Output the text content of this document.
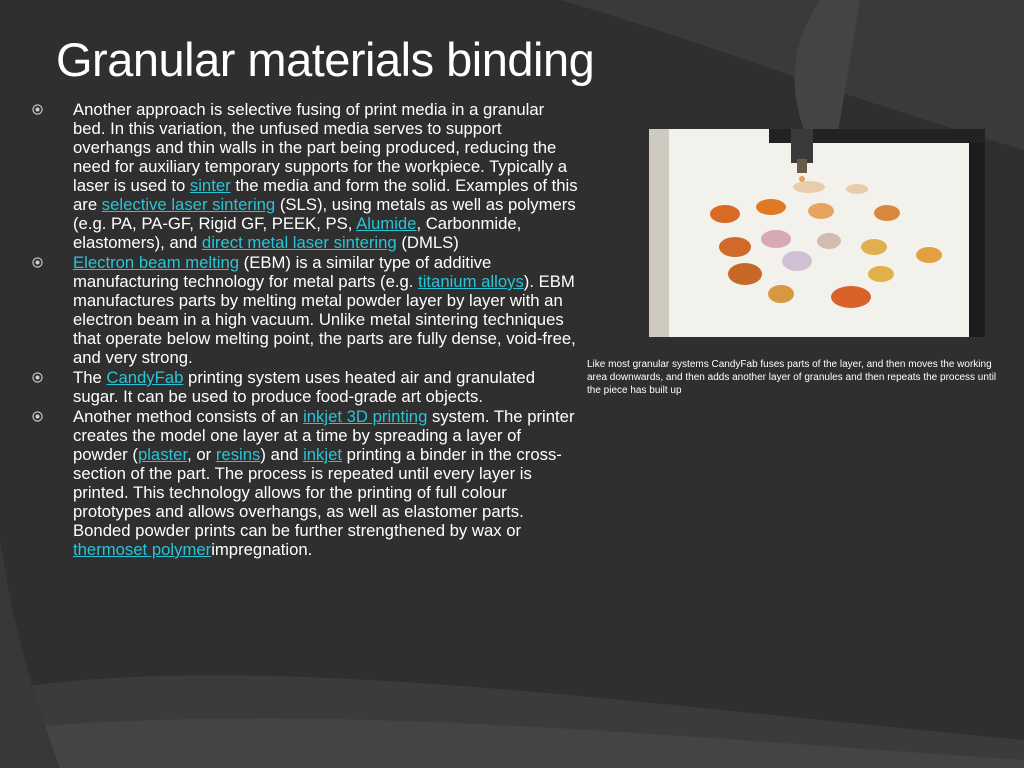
Granular materials binding

Another approach is selective fusing of print media in a granular bed. In this variation, the unfused media serves to support overhangs and thin walls in the part being produced, reducing the need for auxiliary temporary supports for the workpiece. Typically a laser is used to sinter the media and form the solid. Examples of this are selective laser sintering (SLS), using metals as well as polymers (e.g. PA, PA-GF, Rigid GF, PEEK, PS, Alumide, Carbonmide, elastomers), and direct metal laser sintering (DMLS)

Electron beam melting (EBM) is a similar type of additive manufacturing technology for metal parts (e.g. titanium alloys). EBM manufactures parts by melting metal powder layer by layer with an electron beam in a high vacuum. Unlike metal sintering techniques that operate below melting point, the parts are fully dense, void-free, and very strong.

The CandyFab printing system uses heated air and granulated sugar. It can be used to produce food-grade art objects.

Another method consists of an inkjet 3D printing system. The printer creates the model one layer at a time by spreading a layer of powder (plaster, or resins) and inkjet printing a binder in the cross-section of the part. The process is repeated until every layer is printed. This technology allows for the printing of full colour prototypes and allows overhangs, as well as elastomer parts. Bonded powder prints can be further strengthened by wax or thermoset polymerimpregnation.

Like most granular systems CandyFab fuses parts of the layer, and then moves the working area downwards, and then adds another layer of granules and then repeats the process until the piece has built up
